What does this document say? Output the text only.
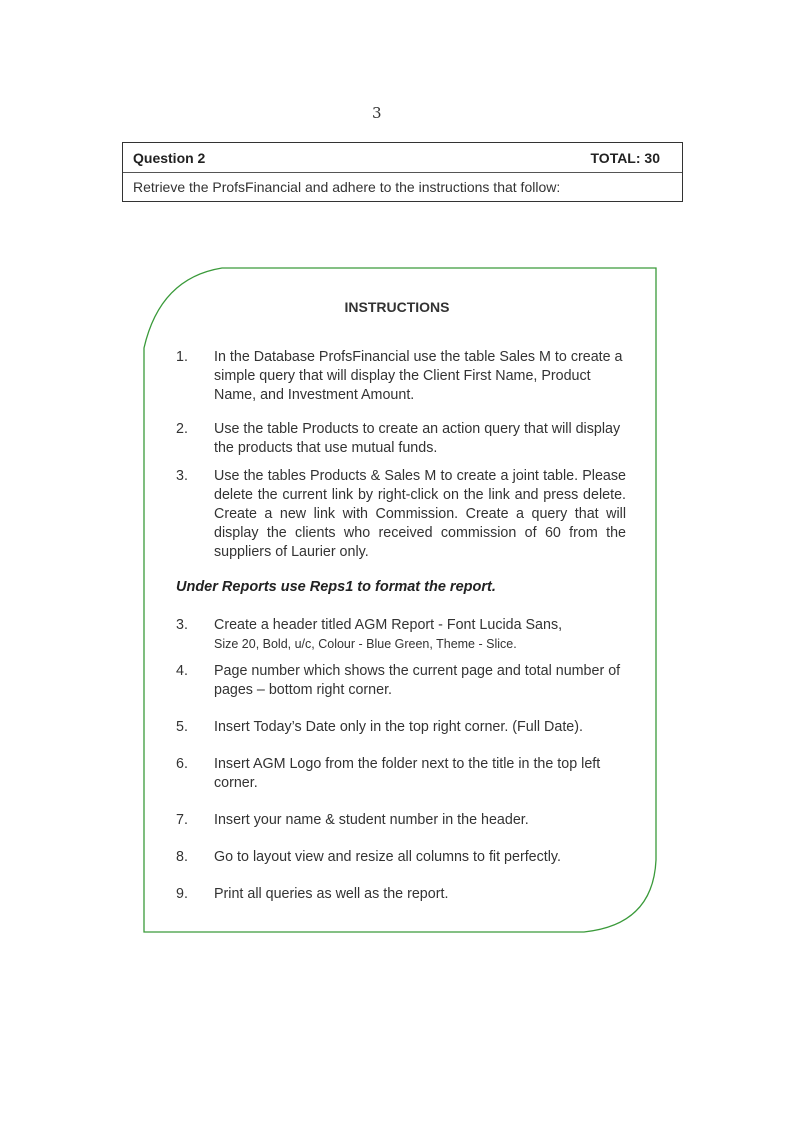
3
Question 2	TOTAL: 30
Retrieve the ProfsFinancial and adhere to the instructions that follow:
INSTRUCTIONS
1.	In the Database ProfsFinancial use the table Sales M to create a simple query that will display the Client First Name, Product Name, and Investment Amount.
2.	Use the table Products to create an action query that will display the products that use mutual funds.
3.	Use the tables Products & Sales M to create a joint table. Please delete the current link by right-click on the link and press delete. Create a new link with Commission. Create a query that will display the clients who received commission of 60 from the suppliers of Laurier only.
Under Reports use Reps1 to format the report.
3.	Create a header titled AGM Report - Font Lucida Sans,
Size 20, Bold, u/c, Colour - Blue Green, Theme - Slice.
4.	Page number which shows the current page and total number of pages – bottom right corner.
5.	Insert Today’s Date only in the top right corner. (Full Date).
6.	Insert AGM Logo from the folder next to the title in the top left corner.
7.	Insert your name & student number in the header.
8.	Go to layout view and resize all columns to fit perfectly.
9.	Print all queries as well as the report.
